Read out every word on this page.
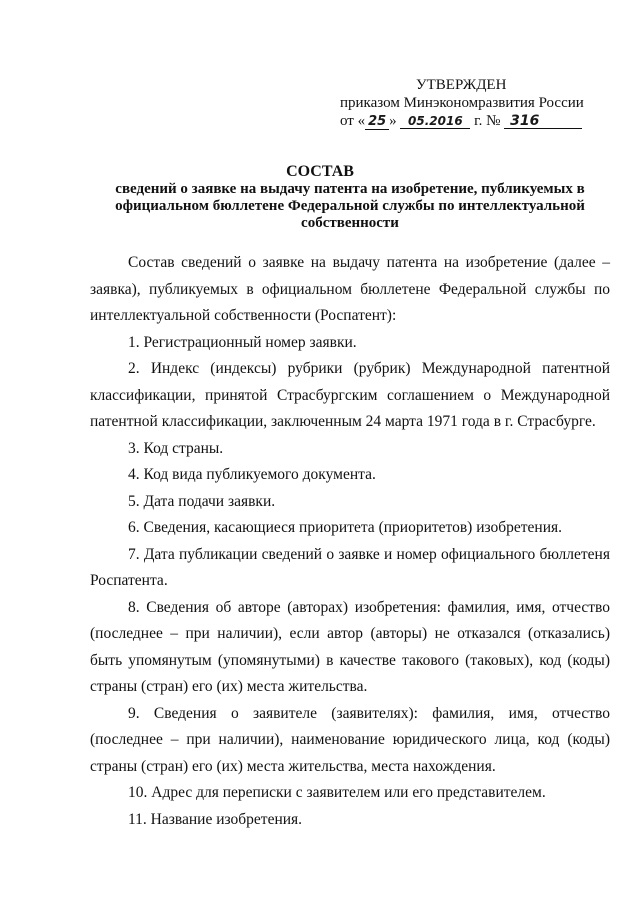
УТВЕРЖДЕН
приказом Минэкономразвития России
от « 25 » 05.2016 г. № 316
СОСТАВ
сведений о заявке на выдачу патента на изобретение, публикуемых в официальном бюллетене Федеральной службы по интеллектуальной собственности

Состав сведений о заявке на выдачу патента на изобретение (далее – заявка), публикуемых в официальном бюллетене Федеральной службы по интеллектуальной собственности (Роспатент):

1. Регистрационный номер заявки.

2. Индекс (индексы) рубрики (рубрик) Международной патентной классификации, принятой Страсбургским соглашением о Международной патентной классификации, заключенным 24 марта 1971 года в г. Страсбурге.

3. Код страны.

4. Код вида публикуемого документа.

5. Дата подачи заявки.

6. Сведения, касающиеся приоритета (приоритетов) изобретения.

7. Дата публикации сведений о заявке и номер официального бюллетеня Роспатента.

8. Сведения об авторе (авторах) изобретения: фамилия, имя, отчество (последнее – при наличии), если автор (авторы) не отказался (отказались) быть упомянутым (упомянутыми) в качестве такового (таковых), код (коды) страны (стран) его (их) места жительства.

9. Сведения о заявителе (заявителях): фамилия, имя, отчество (последнее – при наличии), наименование юридического лица, код (коды) страны (стран) его (их) места жительства, места нахождения.

10. Адрес для переписки с заявителем или его представителем.

11. Название изобретения.
